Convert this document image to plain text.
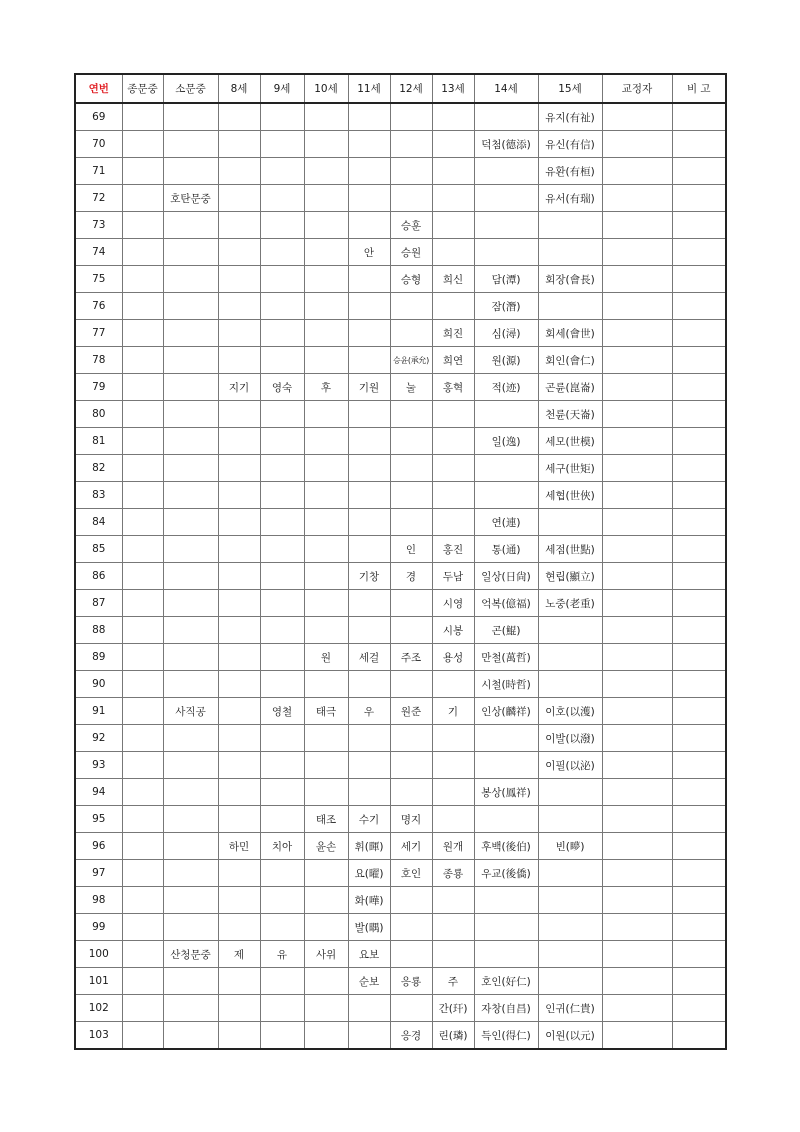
연번	종문중	소문중	8세	9세	10세	11세	12세	13세	14세	15세	교정자	비 고
69										유지(有祉)		
70									덕첨(德添)	유신(有信)		
71										유환(有桓)		
72		호탄문중								유서(有瑞)		
73							승훈					
74						안	승원					
75							승형	희신	담(潭)	회장(會長)		
76									잠(潛)			
77								희진	심(潯)	회세(會世)		
78							승윤(承允)	희연	원(源)	회인(會仁)		
79			지기	영숙	후	기원	눌	홍혁	적(迹)	곤륜(崑崙)		
80										천륜(天崙)		
81									일(逸)	세모(世模)		
82										세구(世矩)		
83										세협(世俠)		
84									연(連)			
85							인	홍진	통(通)	세점(世點)		
86						기창	경	두남	일상(日尙)	현립(顯立)		
87								시영	억복(億福)	노중(老重)		
88								시봉	곤(鯤)			
89					원	세걸	주조	용성	만철(萬哲)			
90									시철(時哲)			
91		사직공		영철	태극	우	원준	기	인상(麟祥)	이호(以濩)		
92										이발(以潑)		
93										이필(以泌)		
94									봉상(鳳祥)			
95					태조	수기	명지					
96			하민	치아	윤손	휘(暉)	세기	원개	후백(後伯)	빈(𥌋)		
97						요(曜)	호인	종룡	우교(後僑)			
98						화(嘩)						
99						발(㬂)						
100		산청문중	제	유	사위	요보						
101						순보	응룡	주	호인(好仁)			
102								간(玕)	자창(自昌)	인귀(仁貴)		
103							응경	린(璘)	득인(得仁)	이원(以元)		
